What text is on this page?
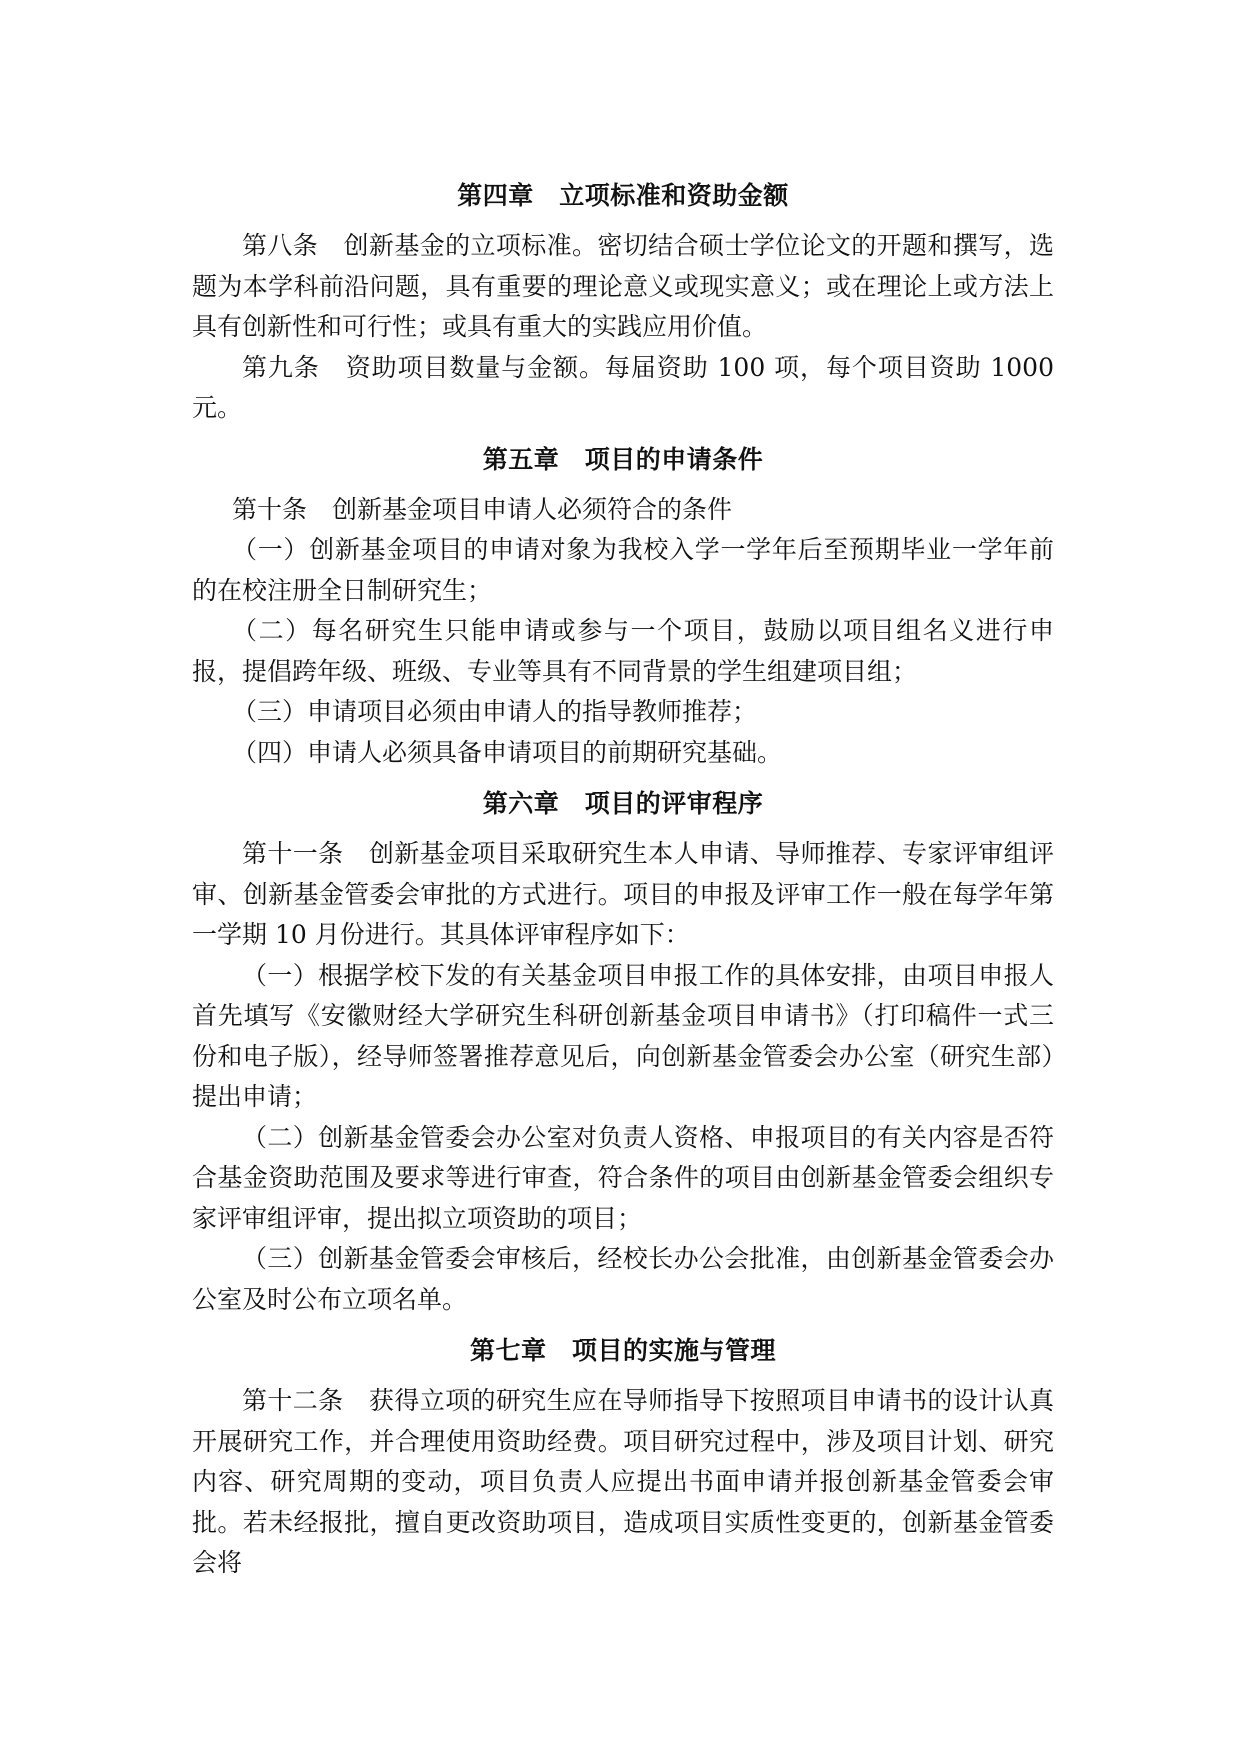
第四章　立项标准和资助金额

第八条　创新基金的立项标准。密切结合硕士学位论文的开题和撰写，选题为本学科前沿问题，具有重要的理论意义或现实意义；或在理论上或方法上具有创新性和可行性；或具有重大的实践应用价值。

第九条　资助项目数量与金额。每届资助 100 项，每个项目资助 1000 元。

第五章　项目的申请条件

第十条　创新基金项目申请人必须符合的条件

（一）创新基金项目的申请对象为我校入学一学年后至预期毕业一学年前的在校注册全日制研究生；

（二）每名研究生只能申请或参与一个项目，鼓励以项目组名义进行申报，提倡跨年级、班级、专业等具有不同背景的学生组建项目组；

（三）申请项目必须由申请人的指导教师推荐；

（四）申请人必须具备申请项目的前期研究基础。

第六章　项目的评审程序

第十一条　创新基金项目采取研究生本人申请、导师推荐、专家评审组评审、创新基金管委会审批的方式进行。项目的申报及评审工作一般在每学年第一学期 10 月份进行。其具体评审程序如下：

（一）根据学校下发的有关基金项目申报工作的具体安排，由项目申报人首先填写《安徽财经大学研究生科研创新基金项目申请书》（打印稿件一式三份和电子版），经导师签署推荐意见后，向创新基金管委会办公室（研究生部）提出申请；

（二）创新基金管委会办公室对负责人资格、申报项目的有关内容是否符合基金资助范围及要求等进行审查，符合条件的项目由创新基金管委会组织专家评审组评审，提出拟立项资助的项目；

（三）创新基金管委会审核后，经校长办公会批准，由创新基金管委会办公室及时公布立项名单。

第七章　项目的实施与管理

第十二条　获得立项的研究生应在导师指导下按照项目申请书的设计认真开展研究工作，并合理使用资助经费。项目研究过程中，涉及项目计划、研究内容、研究周期的变动，项目负责人应提出书面申请并报创新基金管委会审批。若未经报批，擅自更改资助项目，造成项目实质性变更的，创新基金管委会将
